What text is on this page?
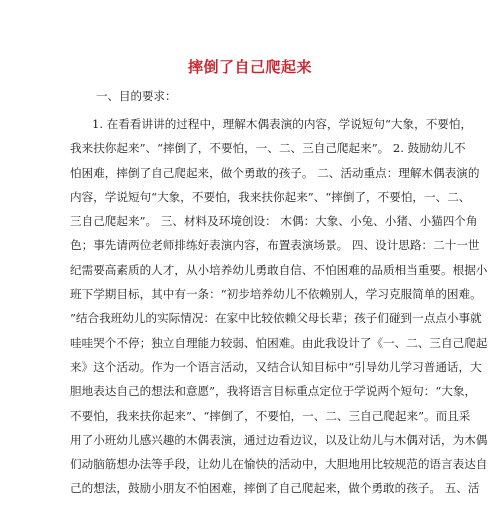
摔倒了自己爬起来
一、目的要求：
1. 在看看讲讲的过程中，理解木偶表演的内容，学说短句“大象，不要怕，
我来扶你起来”、“摔倒了，不要怕，一、二、三自己爬起来”。 2. 鼓励幼儿不
怕困难，摔倒了自己爬起来，做个勇敢的孩子。 二、活动重点：理解木偶表演的
内容，学说短句“大象，不要怕，我来扶你起来”、“摔倒了，不要怕，一、二、
三自己爬起来”。 三、材料及环境创设： 木偶：大象、小兔、小猪、小猫四个角
色；事先请两位老师排练好表演内容，布置表演场景。 四、设计思路：二十一世
纪需要高素质的人才，从小培养幼儿勇敢自信、不怕困难的品质相当重要。根据小
班下学期目标，其中有一条：“初步培养幼儿不依赖别人，学习克服简单的困难。
”结合我班幼儿的实际情况：在家中比较依赖父母长辈；孩子们碰到一点点小事就
哇哇哭个不停；独立自理能力较弱、怕困难。由此我设计了《一、二、三自己爬起
来》这个活动。作为一个语言活动，又结合认知目标中“引导幼儿学习普通话，大
胆地表达自己的想法和意愿”，我将语言目标重点定位于学说两个短句：“大象，
不要怕，我来扶你起来”、“摔倒了，不要怕，一、二、三自己爬起来”。而且采
用了小班幼儿感兴趣的木偶表演，通过边看边议，以及让幼儿与木偶对话，为木偶
们动脑筋想办法等手段，让幼儿在愉快的活动中，大胆地用比较规范的语言表达自
己的想法，鼓励小朋友不怕困难，摔倒了自己爬起来，做个勇敢的孩子。 五、活
